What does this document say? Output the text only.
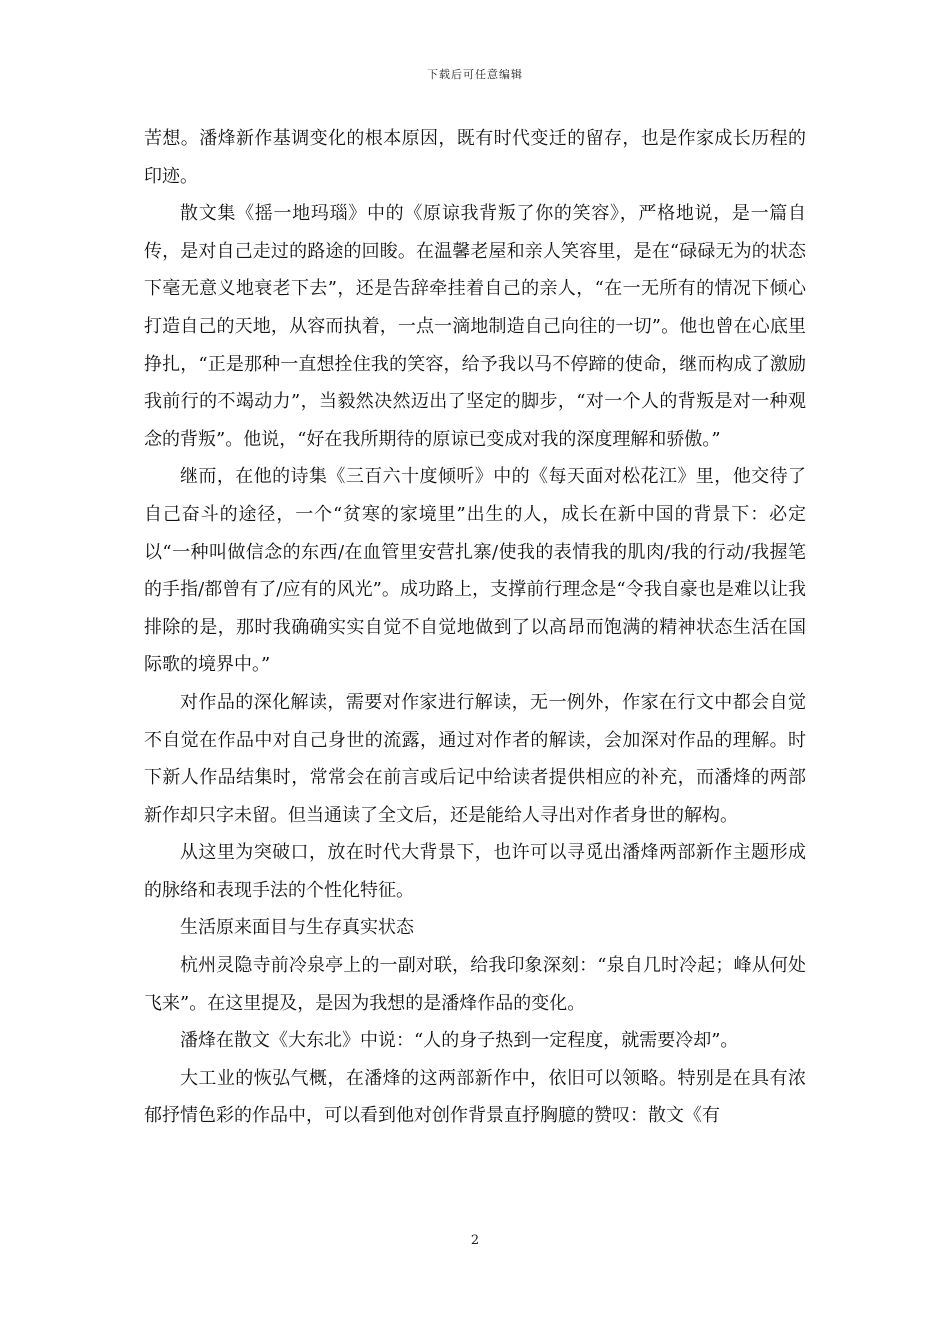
下载后可任意编辑

苦想。潘烽新作基调变化的根本原因，既有时代变迁的留存，也是作家成长历程的印迹。

散文集《摇一地玛瑙》中的《原谅我背叛了你的笑容》，严格地说，是一篇自传，是对自己走过的路途的回睃。在温馨老屋和亲人笑容里，是在“碌碌无为的状态下毫无意义地衰老下去”，还是告辞牵挂着自己的亲人，“在一无所有的情况下倾心打造自己的天地，从容而执着，一点一滴地制造自己向往的一切”。他也曾在心底里挣扎，“正是那种一直想拴住我的笑容，给予我以马不停蹄的使命，继而构成了激励我前行的不竭动力”，当毅然决然迈出了坚定的脚步，“对一个人的背叛是对一种观念的背叛”。他说，“好在我所期待的原谅已变成对我的深度理解和骄傲。”

继而，在他的诗集《三百六十度倾听》中的《每天面对松花江》里，他交待了自己奋斗的途径，一个“贫寒的家境里”出生的人，成长在新中国的背景下：必定以“一种叫做信念的东西/在血管里安营扎寨/使我的表情我的肌肉/我的行动/我握笔的手指/都曾有了/应有的风光”。成功路上，支撑前行理念是“令我自豪也是难以让我排除的是，那时我确确实实自觉不自觉地做到了以高昂而饱满的精神状态生活在国际歌的境界中。”

对作品的深化解读，需要对作家进行解读，无一例外，作家在行文中都会自觉不自觉在作品中对自己身世的流露，通过对作者的解读，会加深对作品的理解。时下新人作品结集时，常常会在前言或后记中给读者提供相应的补充，而潘烽的两部新作却只字未留。但当通读了全文后，还是能给人寻出对作者身世的解构。

从这里为突破口，放在时代大背景下，也许可以寻觅出潘烽两部新作主题形成的脉络和表现手法的个性化特征。

生活原来面目与生存真实状态

杭州灵隐寺前冷泉亭上的一副对联，给我印象深刻：“泉自几时冷起；峰从何处飞来”。在这里提及，是因为我想的是潘烽作品的变化。

潘烽在散文《大东北》中说：“人的身子热到一定程度，就需要冷却”。

大工业的恢弘气概，在潘烽的这两部新作中，依旧可以领略。特别是在具有浓郁抒情色彩的作品中，可以看到他对创作背景直抒胸臆的赞叹：散文《有

2
